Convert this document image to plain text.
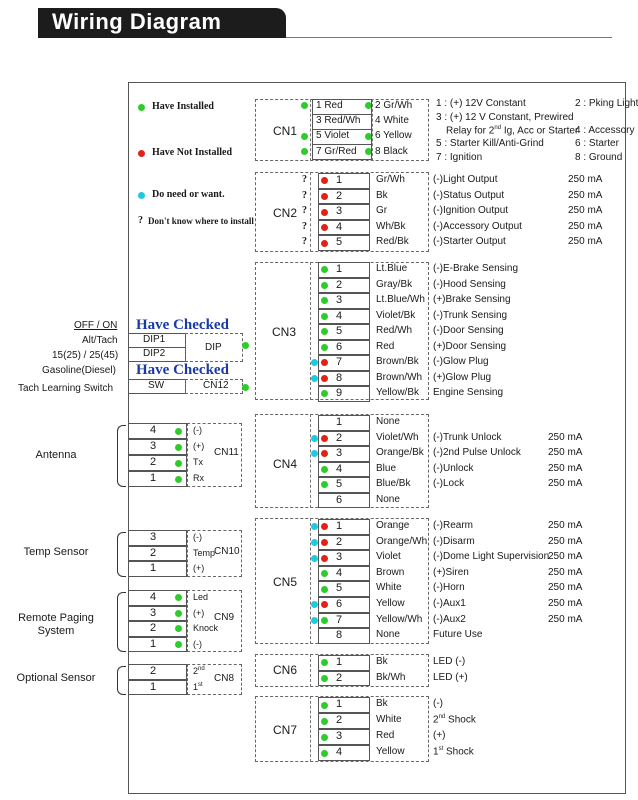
Wiring Diagram
Have Installed
Have Not Installed
Do need or want.
? Don't know where to install
CN1
1 Red	2 Gr/Wh
3 Red/Wh 4 White
5 Violet	6 Yellow
7 Gr/Red 8 Black
1 : (+) 12V Constant	2 : Pking Light
3 : (+) 12 V Constant, Prewired
Relay for 2nd Ig, Acc or Starter
4 : Accessory
5 : Starter Kill/Anti-Grind	6 : Starter
7 : Ignition	8 : Ground
CN2
?	1	Gr/Wh	(-)Light Output	250 mA
?	2	Bk	(-)Status Output	250 mA
?	3	Gr	(-)Ignition Output	250 mA
?	4	Wh/Bk	(-)Accessory Output	250 mA
?	5	Red/Bk (-)Starter Output	250 mA
CN3
1	Lt.Blue	(-)E-Brake Sensing
2	Gray/Bk (-)Hood Sensing
3	Lt.Blue/Wh (+)Brake Sensing
4	Violet/Bk (-)Trunk Sensing
5	Red/Wh (-)Door Sensing
6	Red	(+)Door Sensing
7	Brown/Bk (-)Glow Plug
8	Brown/Wh (+)Glow Plug
9	Yellow/Bk Engine Sensing
OFF / ON
Alt/Tach
15(25) / 25(45)
Gasoline(Diesel)
Tach Learning Switch
Have Checked
DIP1
DIP2
DIP
Have Checked
SW	CN12
CN4
1	None
2	Violet/Wh (-)Trunk Unlock	250 mA
3	Orange/Bk (-)2nd Pulse Unlock	250 mA
4	Blue	(-)Unlock	250 mA
5	Blue/Bk (-)Lock	250 mA
6	None
CN5
1	Orange (-)Rearm	250 mA
2	Orange/Wh (-)Disarm	250 mA
3	Violet	(-)Dome Light Supervision
250 mA
4	Brown	(+)Siren	250 mA
5	White	(-)Horn	250 mA
6	Yellow	(-)Aux1	250 mA
7	Yellow/Wh (-)Aux2	250 mA
8	None	Future Use
CN6
1	Bk	LED (-)
2	Bk/Wh	LED (+)
CN7
1	Bk	(-)
2	White	2nd Shock
3	Red	(+)
4	Yellow	1st Shock
CN11
4	(-)
3	(+)
2	Tx
1	Rx
Antenna
CN10
3	(-)
2	Temp
1	(+)
Temp Sensor
CN9
4	Led
3	(+)
2	Knock
1	(-)
Remote Paging
System
CN8
2	2nd
1	1st
Optional Sensor
